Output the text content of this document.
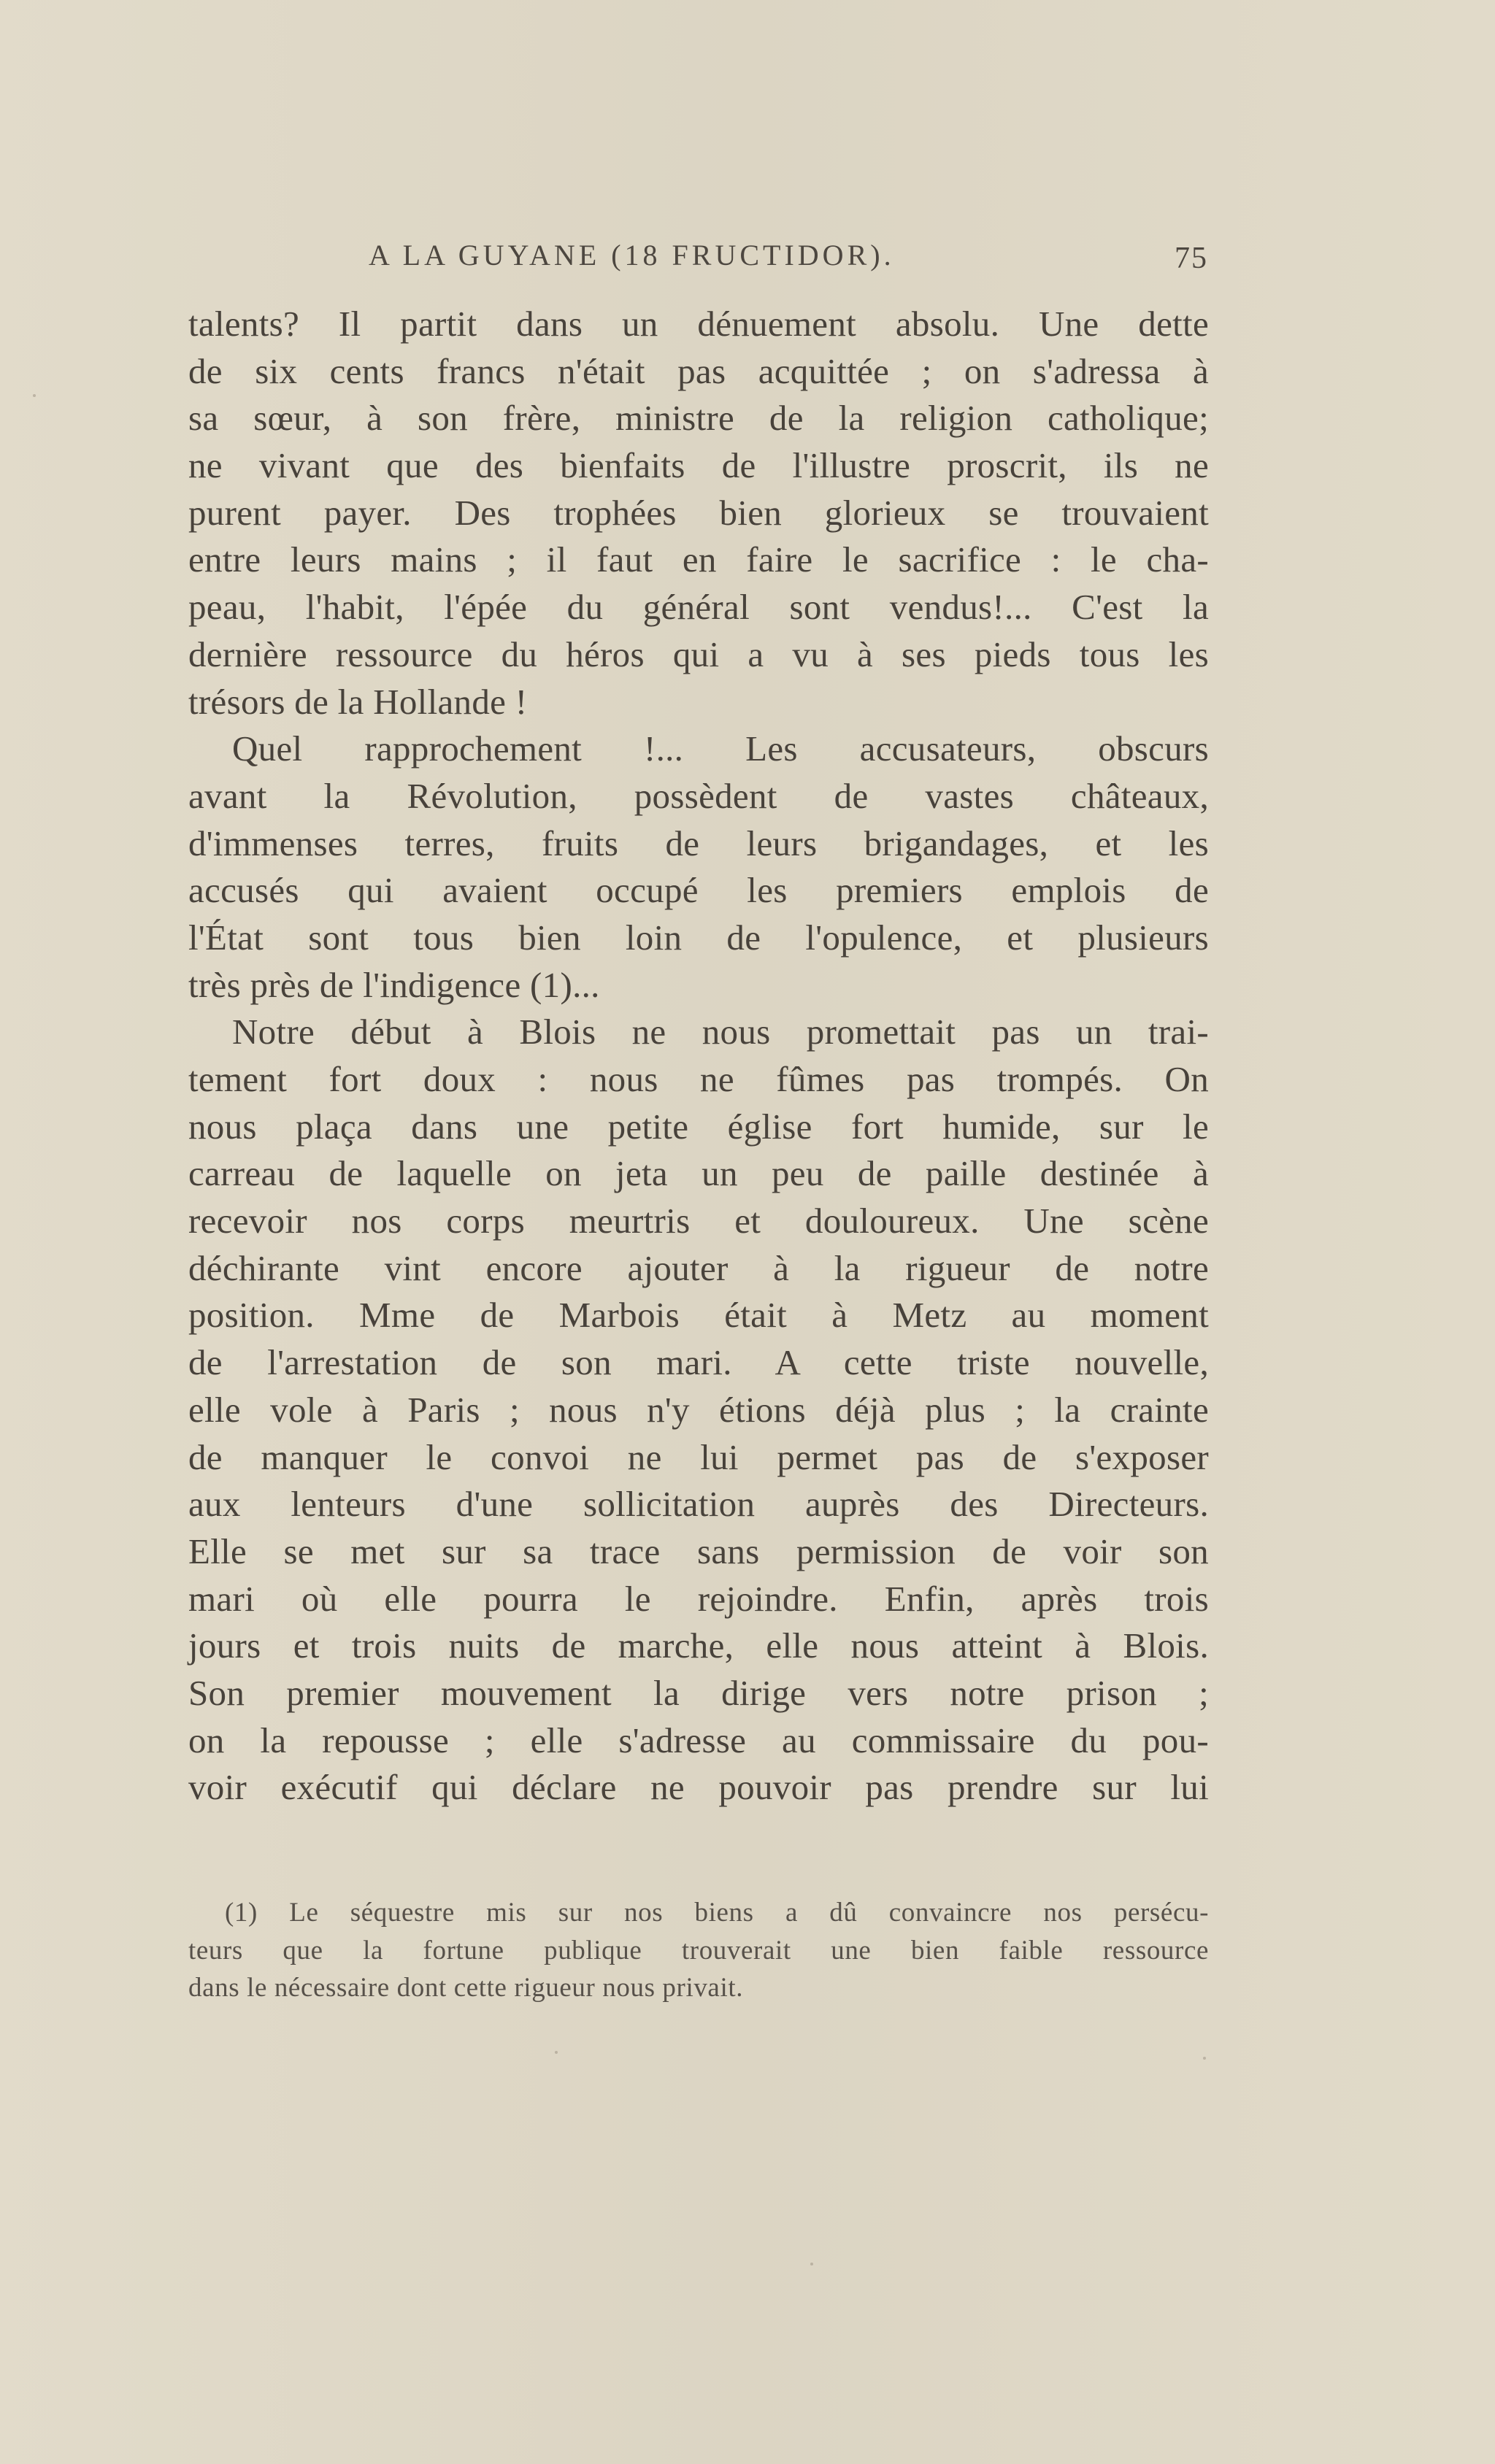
A LA GUYANE (18 FRUCTIDOR).	75
talents? Il partit dans un dénuement absolu. Une dette
de six cents francs n'était pas acquittée ; on s'adressa à
sa sœur, à son frère, ministre de la religion catholique;
ne vivant que des bienfaits de l'illustre proscrit, ils ne
purent payer. Des trophées bien glorieux se trouvaient
entre leurs mains ; il faut en faire le sacrifice : le cha-
peau, l'habit, l'épée du général sont vendus!... C'est la
dernière ressource du héros qui a vu à ses pieds tous les
trésors de la Hollande !
Quel rapprochement !... Les accusateurs, obscurs
avant la Révolution, possèdent de vastes châteaux,
d'immenses terres, fruits de leurs brigandages, et les
accusés qui avaient occupé les premiers emplois de
l'État sont tous bien loin de l'opulence, et plusieurs
très près de l'indigence (1)...
Notre début à Blois ne nous promettait pas un trai-
tement fort doux : nous ne fûmes pas trompés. On
nous plaça dans une petite église fort humide, sur le
carreau de laquelle on jeta un peu de paille destinée à
recevoir nos corps meurtris et douloureux. Une scène
déchirante vint encore ajouter à la rigueur de notre
position. Mme de Marbois était à Metz au moment
de l'arrestation de son mari. A cette triste nouvelle,
elle vole à Paris ; nous n'y étions déjà plus ; la crainte
de manquer le convoi ne lui permet pas de s'exposer
aux lenteurs d'une sollicitation auprès des Directeurs.
Elle se met sur sa trace sans permission de voir son
mari où elle pourra le rejoindre. Enfin, après trois
jours et trois nuits de marche, elle nous atteint à Blois.
Son premier mouvement la dirige vers notre prison ;
on la repousse ; elle s'adresse au commissaire du pou-
voir exécutif qui déclare ne pouvoir pas prendre sur lui
(1) Le séquestre mis sur nos biens a dû convaincre nos persécu-
teurs que la fortune publique trouverait une bien faible ressource
dans le nécessaire dont cette rigueur nous privait.
